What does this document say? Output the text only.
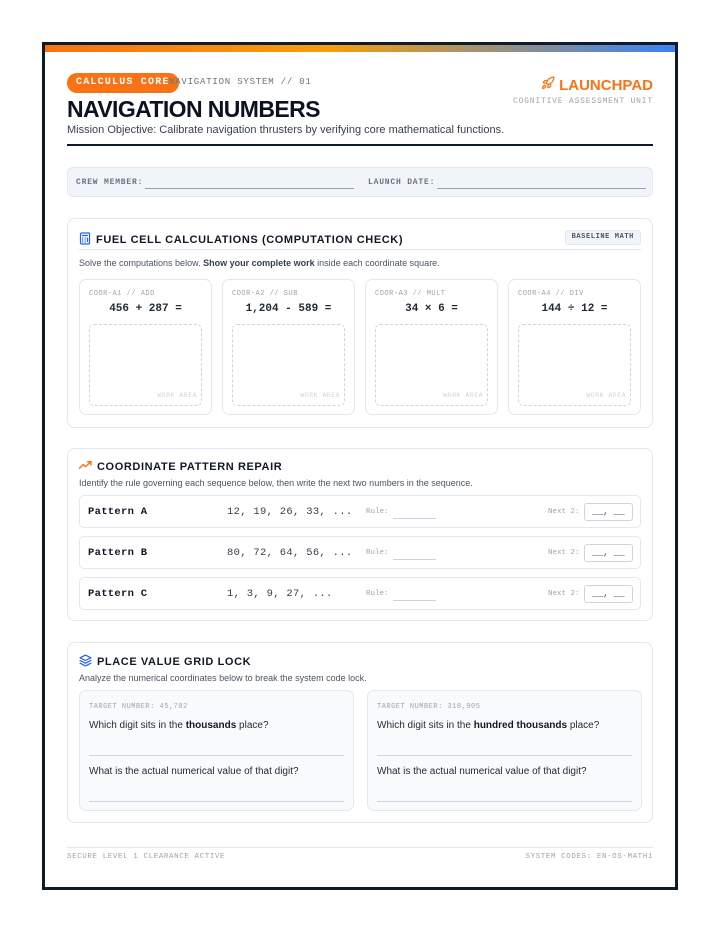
CALCULUS CORE NAVIGATION SYSTEM // 01
NAVIGATION NUMBERS
Mission Objective: Calibrate navigation thrusters by verifying core mathematical functions.
LAUNCHPAD
COGNITIVE ASSESSMENT UNIT
CREW MEMBER:	LAUNCH DATE:
FUEL CELL CALCULATIONS (COMPUTATION CHECK)	BASELINE MATH
Solve the computations below. Show your complete work inside each coordinate square.
COOR-A1 // ADD
456 + 287 =
WORK AREA
COOR-A2 // SUB
1,204 - 589 =
WORK AREA
COOR-A3 // MULT
34 × 6 =
WORK AREA
COOR-A4 // DIV
144 ÷ 12 =
WORK AREA
COORDINATE PATTERN REPAIR
Identify the rule governing each sequence below, then write the next two numbers in the sequence.
Pattern A	12, 19, 26, 33, ... Rule:	Next 2:	__, __
Pattern B	80, 72, 64, 56, ... Rule:	Next 2:	__, __
Pattern C	1, 3, 9, 27, ...	Rule:	Next 2:	__, __
PLACE VALUE GRID LOCK
Analyze the numerical coordinates below to break the system code lock.
TARGET NUMBER: 45,782
Which digit sits in the thousands place?
What is the actual numerical value of that digit?
TARGET NUMBER: 318,905
Which digit sits in the hundred thousands place?
What is the actual numerical value of that digit?
SECURE LEVEL 1 CLEARANCE ACTIVE	SYSTEM CODES: EN-OS-MATH1
